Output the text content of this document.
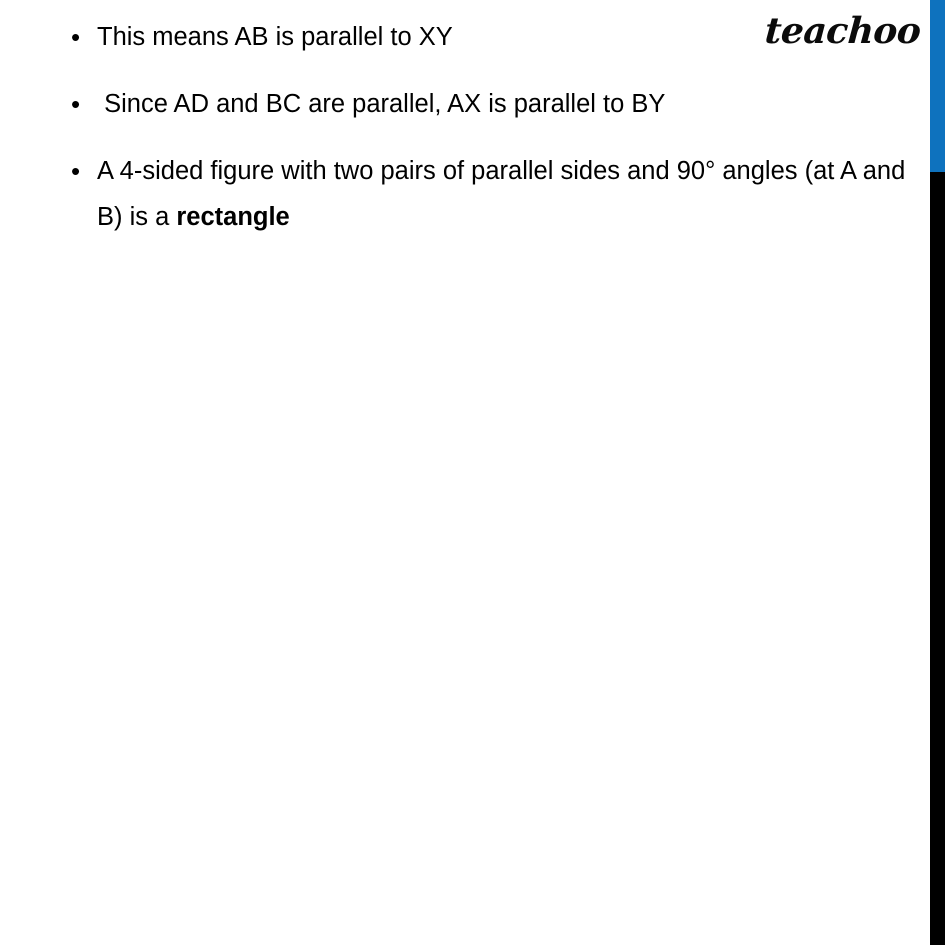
teachoo
• This means AB is parallel to XY
• Since AD and BC are parallel, AX is parallel to BY
• A 4-sided figure with two pairs of parallel sides and 90° angles (at A and B) is a rectangle
